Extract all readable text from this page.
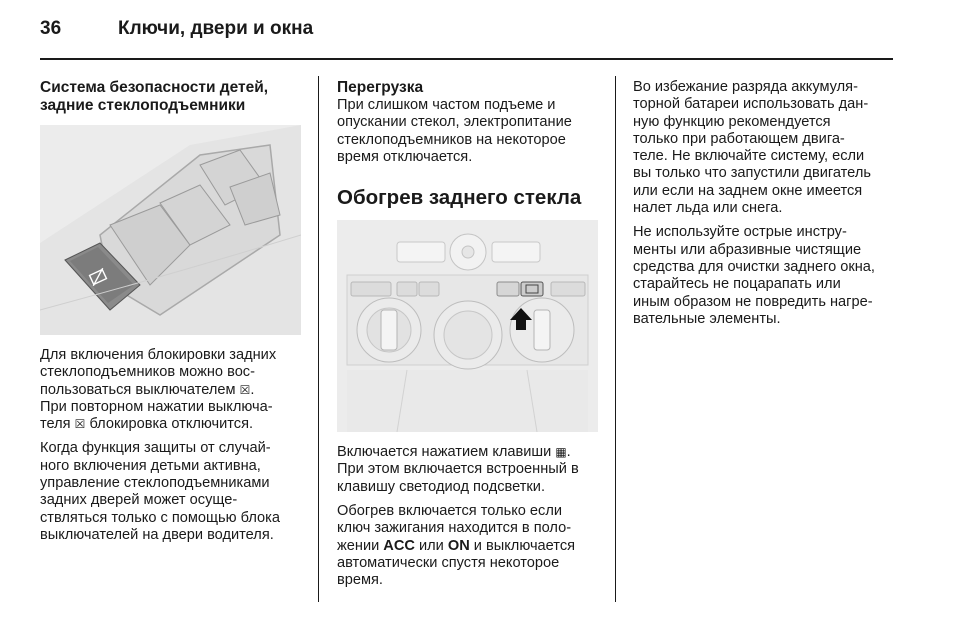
36	Ключи, двери и окна
Система безопасности детей,
задние стеклоподъемники

Для включения блокировки задних
стеклоподъемников можно вос-
пользоваться выключателем ☒.
При повторном нажатии выключа-
теля ☒ блокировка отключится.

Когда функция защиты от случай-
ного включения детьми активна,
управление стеклоподъемниками
задних дверей может осуще-
ствляться только с помощью блока
выключателей на двери водителя.

Перегрузка

При слишком частом подъеме и
опускании стекол, электропитание
стеклоподъемников на некоторое
время отключается.

Обогрев заднего стекла

Включается нажатием клавиши ▦.
При этом включается встроенный в
клавишу светодиод подсветки.

Обогрев включается только если
ключ зажигания находится в поло-
жении ACC или ON и выключается
автоматически спустя некоторое
время.

Во избежание разряда аккумуля-
торной батареи использовать дан-
ную функцию рекомендуется
только при работающем двига-
теле. Не включайте систему, если
вы только что запустили двигатель
или если на заднем окне имеется
налет льда или снега.

Не используйте острые инстру-
менты или абразивные чистящие
средства для очистки заднего окна,
старайтесь не поцарапать или
иным образом не повредить нагре-
вательные элементы.
